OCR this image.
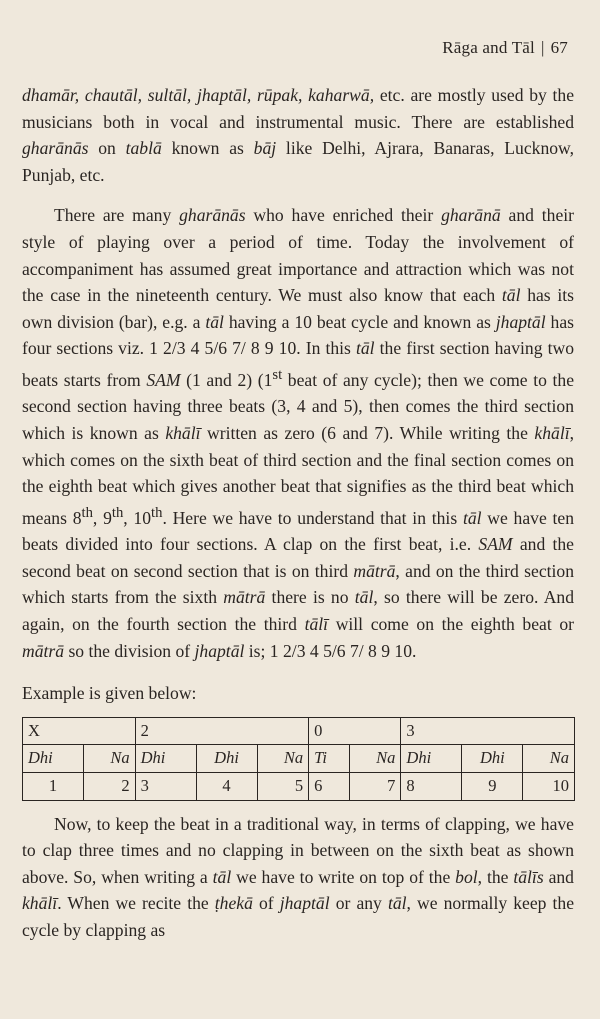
Rāga and Tāl | 67

dhamār, chautāl, sultāl, jhaptāl, rūpak, kaharwā, etc. are mostly used by the musicians both in vocal and instrumental music. There are established gharānās on tablā known as bāj like Delhi, Ajrara, Banaras, Lucknow, Punjab, etc.

There are many gharānās who have enriched their gharānā and their style of playing over a period of time. Today the involvement of accompaniment has assumed great importance and attraction which was not the case in the nineteenth century. We must also know that each tāl has its own division (bar), e.g. a tāl having a 10 beat cycle and known as jhaptāl has four sections viz. 1 2/3 4 5/6 7/ 8 9 10. In this tāl the first section having two beats starts from SAM (1 and 2) (1st beat of any cycle); then we come to the second section having three beats (3, 4 and 5), then comes the third section which is known as khālī written as zero (6 and 7). While writing the khālī, which comes on the sixth beat of third section and the final section comes on the eighth beat which gives another beat that signifies as the third beat which means 8th, 9th, 10th. Here we have to understand that in this tāl we have ten beats divided into four sections. A clap on the first beat, i.e. SAM and the second beat on second section that is on third mātrā, and on the third section which starts from the sixth mātrā there is no tāl, so there will be zero. And again, on the fourth section the third tālī will come on the eighth beat or mātrā so the division of jhaptāl is; 1 2/3 4 5/6 7/ 8 9 10.

Example is given below:

X		2			0		3		
Dhi	Na	Dhi	Dhi	Na	Ti	Na	Dhi	Dhi	Na
1	2	3	4	5	6	7	8	9	10

Now, to keep the beat in a traditional way, in terms of clapping, we have to clap three times and no clapping in between on the sixth beat as shown above. So, when writing a tāl we have to write on top of the bol, the tālīs and khālī. When we recite the ṭhekā of jhaptāl or any tāl, we normally keep the cycle by clapping as
